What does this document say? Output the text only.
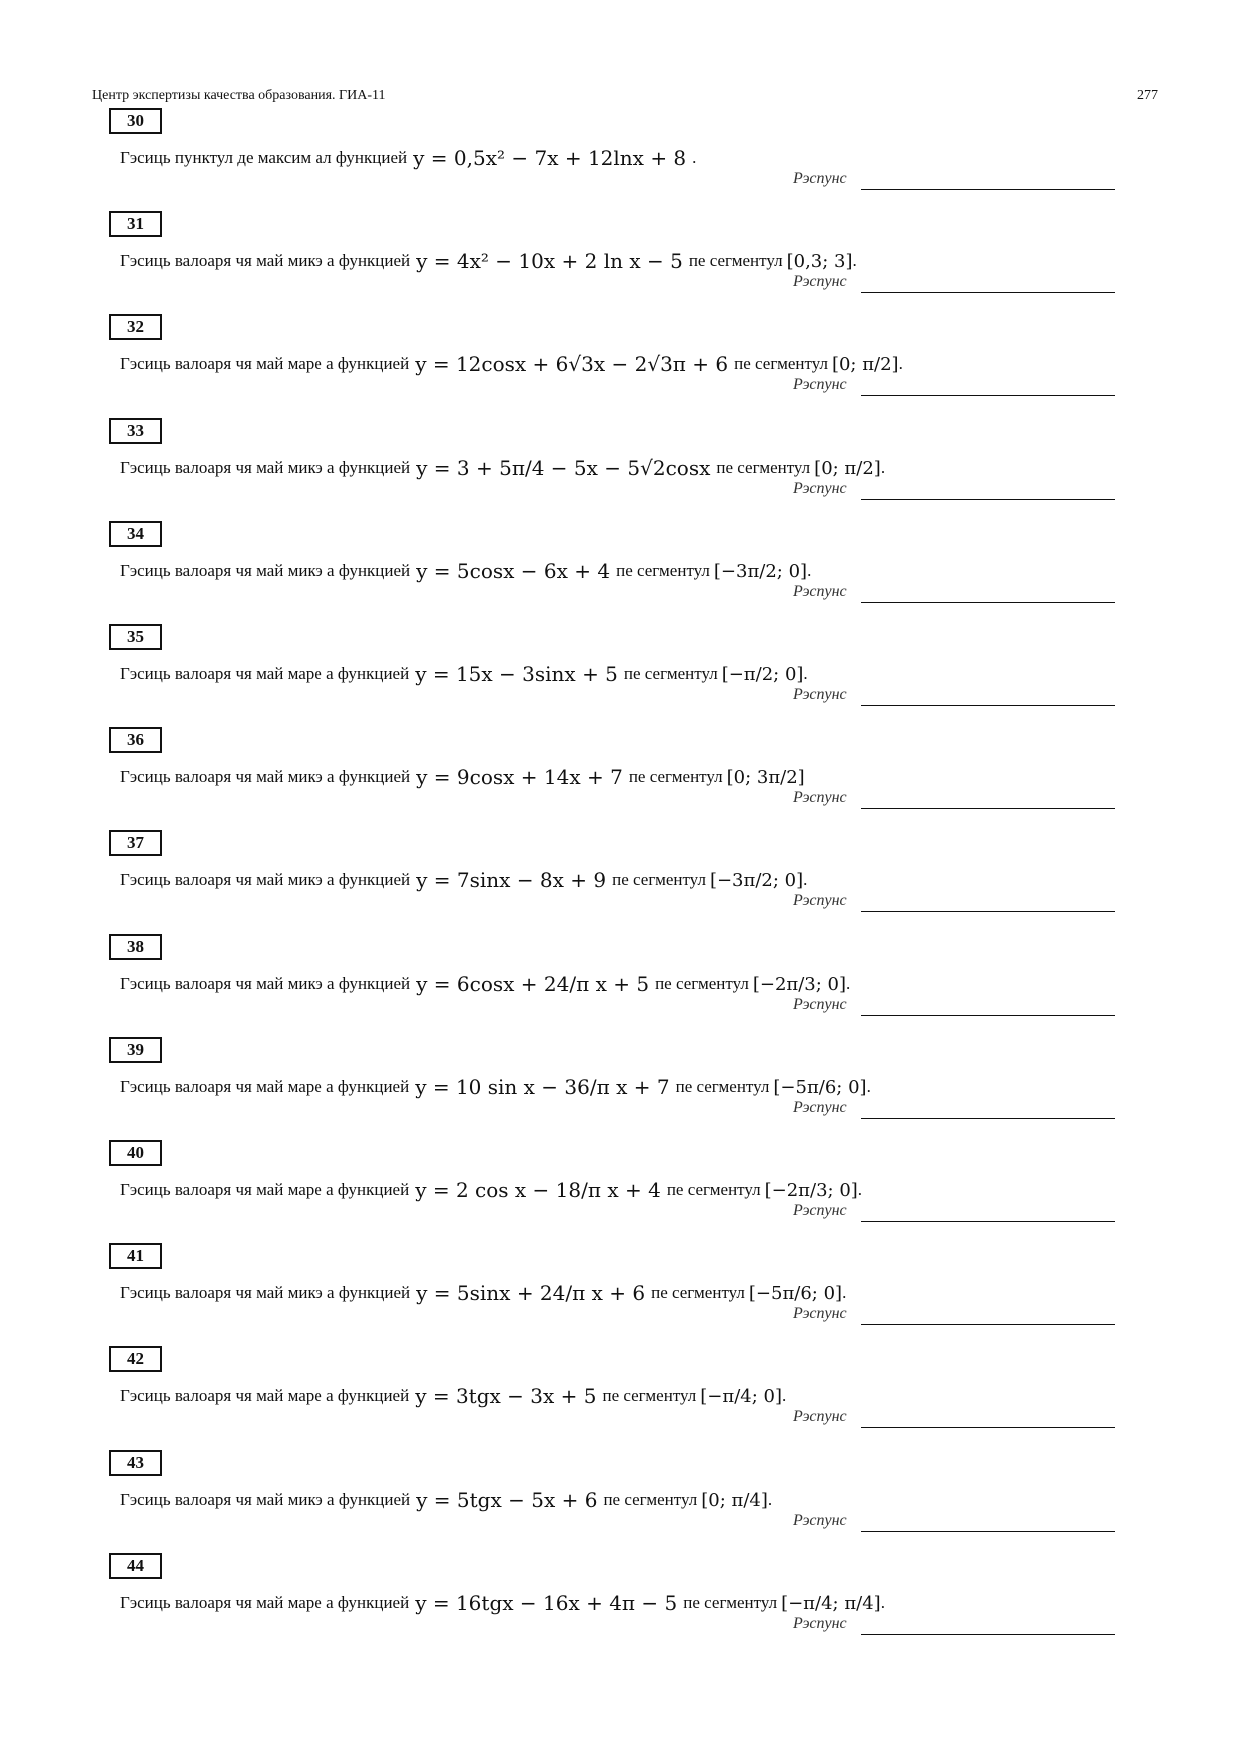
Центр экспертизы качества образования. ГИА-11	277
30
Гэсиць пунктул де максим ал функцией y = 0,5x² − 7x + 12lnx + 8 .
Рэспунс
31
Гэсиць валоаря чя май микэ а функцией y = 4x² − 10x + 2 ln x − 5 пе сегментул [0,3; 3] .
Рэспунс
32
Гэсиць валоаря чя май маре а функцией y = 12cosx + 6√3x − 2√3π + 6 пе сегментул [0; π/2] .
Рэспунс
33
Гэсиць валоаря чя май микэ а функцией y = 3 + 5π/4 − 5x − 5√2cosx пе сегментул [0; π/2] .
Рэспунс
34
Гэсиць валоаря чя май микэ а функцией y = 5cosx − 6x + 4 пе сегментул [−3π/2; 0] .
Рэспунс
35
Гэсиць валоаря чя май маре а функцией y = 15x − 3sinx + 5 пе сегментул [−π/2; 0] .
Рэспунс
36
Гэсиць валоаря чя май микэ а функцией y = 9cosx + 14x + 7 пе сегментул [0; 3π/2]
Рэспунс
37
Гэсиць валоаря чя май микэ а функцией y = 7sinx − 8x + 9 пе сегментул [−3π/2; 0] .
Рэспунс
38
Гэсиць валоаря чя май микэ а функцией y = 6cosx + 24/π x + 5 пе сегментул [−2π/3; 0] .
Рэспунс
39
Гэсиць валоаря чя май маре а функцией y = 10 sin x − 36/π x + 7 пе сегментул [−5π/6; 0] .
Рэспунс
40
Гэсиць валоаря чя май маре а функцией y = 2 cos x − 18/π x + 4 пе сегментул [−2π/3; 0] .
Рэспунс
41
Гэсиць валоаря чя май микэ а функцией y = 5sinx + 24/π x + 6 пе сегментул [−5π/6; 0] .
Рэспунс
42
Гэсиць валоаря чя май маре а функцией y = 3tgx − 3x + 5 пе сегментул [−π/4; 0] .
Рэспунс
43
Гэсиць валоаря чя май микэ а функцией y = 5tgx − 5x + 6 пе сегментул [0; π/4] .
Рэспунс
44
Гэсиць валоаря чя май маре а функцией y = 16tgx − 16x + 4π − 5 пе сегментул [−π/4; π/4] .
Рэспунс
